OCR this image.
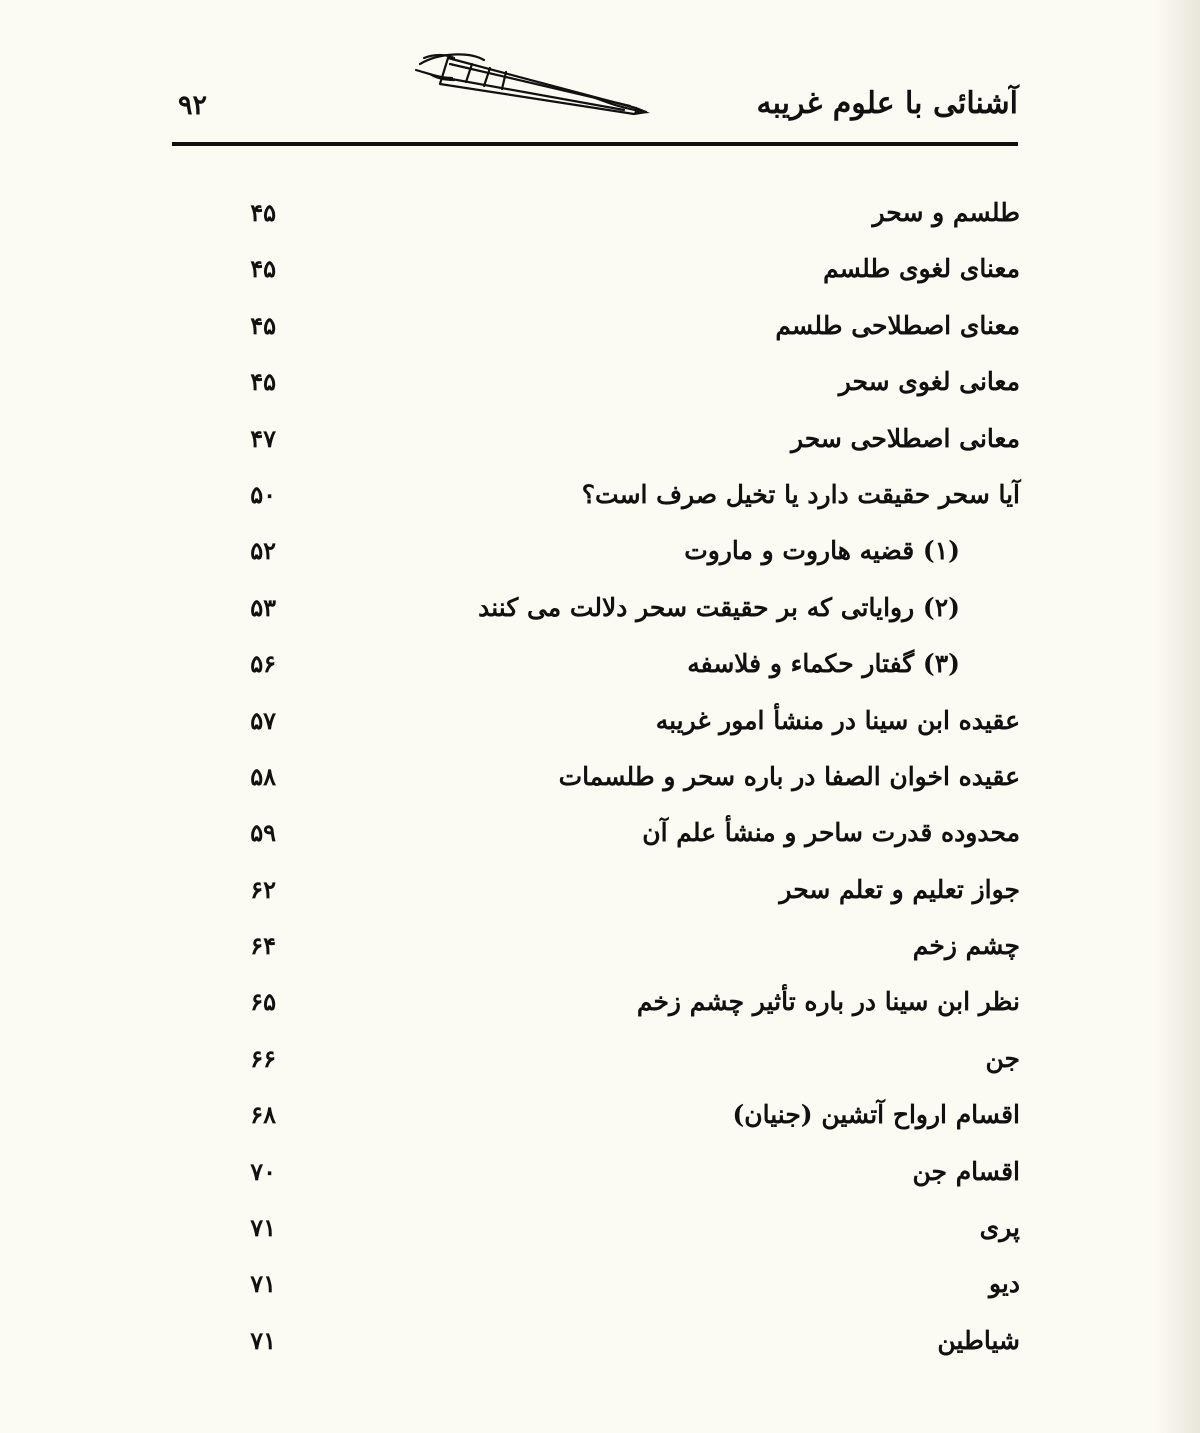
۹۲	آشنائی با علوم غریبه
طلسم و سحر
۴۵
معنای لغوی طلسم
۴۵
معنای اصطلاحی طلسم
۴۵
معانی لغوی سحر
۴۵
معانی اصطلاحی سحر
۴۷
آیا سحر حقیقت دارد یا تخیل صرف است؟
۵۰
(۱) قضیه هاروت و ماروت
۵۲
(۲) روایاتی که بر حقیقت سحر دلالت می کنند
۵۳
(۳) گفتار حکماء و فلاسفه
۵۶
عقیده ابن سینا در منشأ امور غریبه
۵۷
عقیده اخوان الصفا در باره سحر و طلسمات
۵۸
محدوده قدرت ساحر و منشأ علم آن
۵۹
جواز تعلیم و تعلم سحر
۶۲
چشم زخم
۶۴
نظر ابن سینا در باره تأثیر چشم زخم
۶۵
جن
۶۶
اقسام ارواح آتشین (جنیان)
۶۸
اقسام جن
۷۰
پری
۷۱
دیو
۷۱
شیاطین
۷۱
